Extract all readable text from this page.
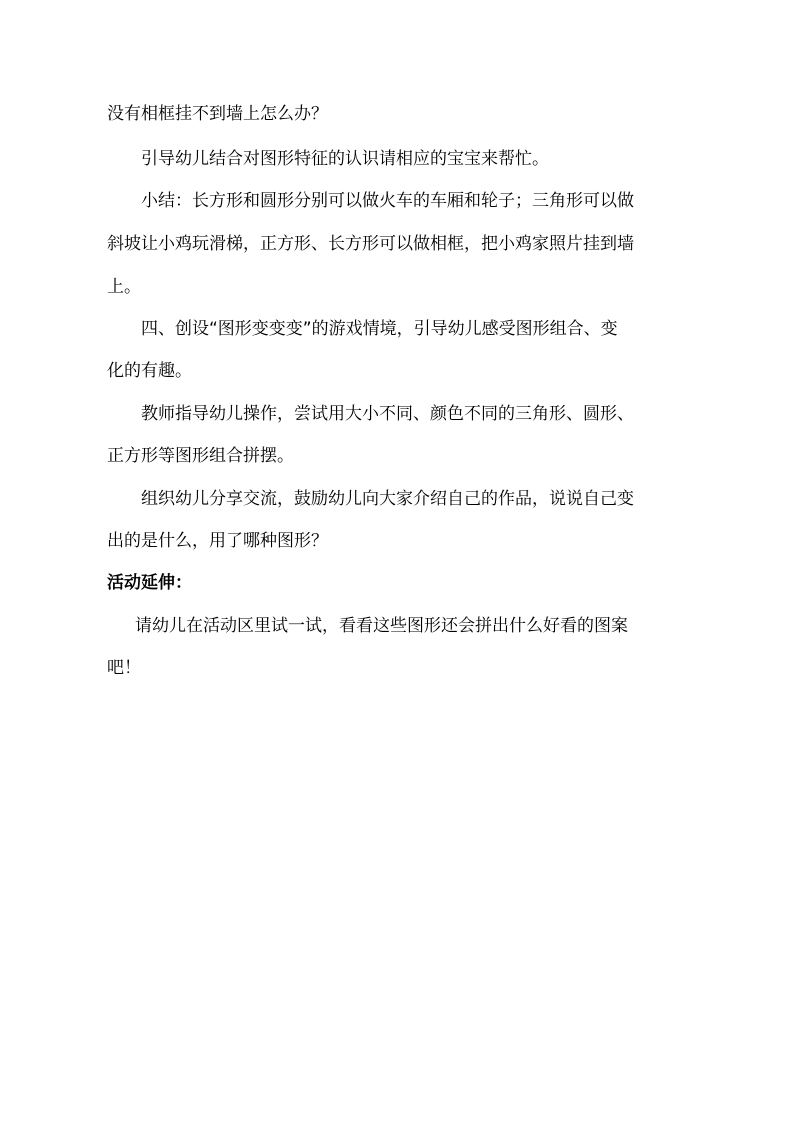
没有相框挂不到墙上怎么办？
引导幼儿结合对图形特征的认识请相应的宝宝来帮忙。
小结：长方形和圆形分别可以做火车的车厢和轮子；三角形可以做
斜坡让小鸡玩滑梯，正方形、长方形可以做相框，把小鸡家照片挂到墙
上。
四、创设“图形变变变”的游戏情境，引导幼儿感受图形组合、变
化的有趣。
教师指导幼儿操作，尝试用大小不同、颜色不同的三角形、圆形、
正方形等图形组合拼摆。
组织幼儿分享交流，鼓励幼儿向大家介绍自己的作品，说说自己变
出的是什么，用了哪种图形？
活动延伸：
请幼儿在活动区里试一试，看看这些图形还会拼出什么好看的图案
吧！
